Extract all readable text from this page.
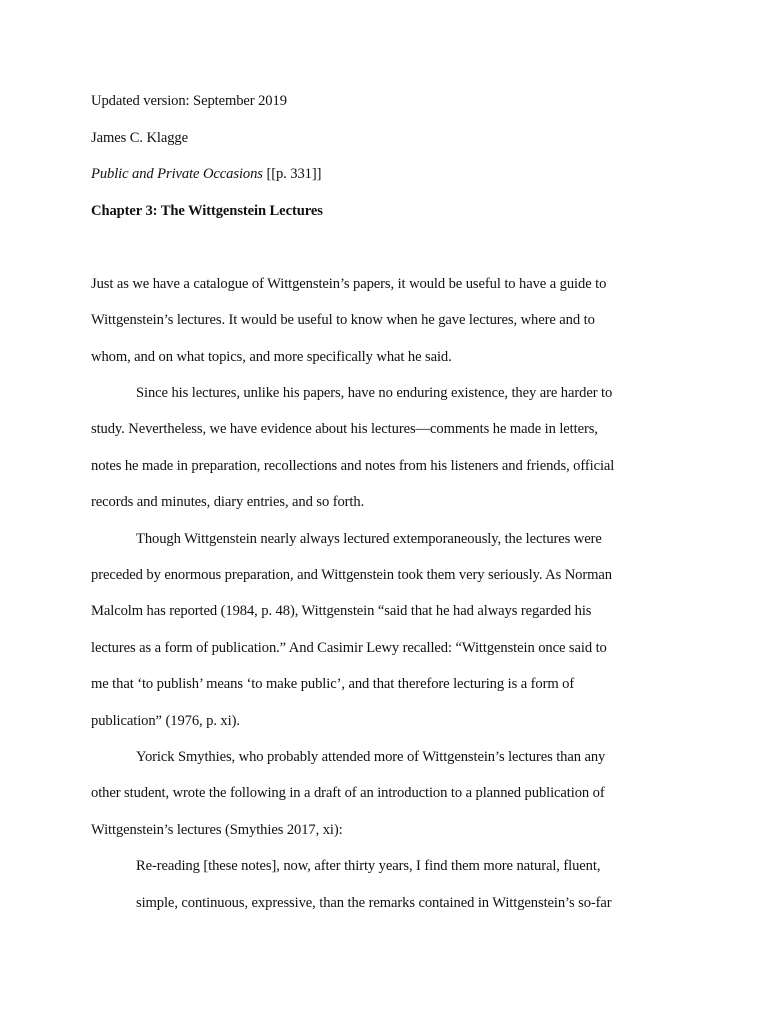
Updated version: September 2019
James C. Klagge
Public and Private Occasions [[p. 331]]
Chapter 3: The Wittgenstein Lectures
Just as we have a catalogue of Wittgenstein’s papers, it would be useful to have a guide to
Wittgenstein’s lectures. It would be useful to know when he gave lectures, where and to
whom, and on what topics, and more specifically what he said.
Since his lectures, unlike his papers, have no enduring existence, they are harder to
study. Nevertheless, we have evidence about his lectures—comments he made in letters,
notes he made in preparation, recollections and notes from his listeners and friends, official
records and minutes, diary entries, and so forth.
Though Wittgenstein nearly always lectured extemporaneously, the lectures were
preceded by enormous preparation, and Wittgenstein took them very seriously. As Norman
Malcolm has reported (1984, p. 48), Wittgenstein “said that he had always regarded his
lectures as a form of publication.” And Casimir Lewy recalled: “Wittgenstein once said to
me that ‘to publish’ means ‘to make public’, and that therefore lecturing is a form of
publication” (1976, p. xi).
Yorick Smythies, who probably attended more of Wittgenstein’s lectures than any
other student, wrote the following in a draft of an introduction to a planned publication of
Wittgenstein’s lectures (Smythies 2017, xi):
Re-reading [these notes], now, after thirty years, I find them more natural, fluent,
simple, continuous, expressive, than the remarks contained in Wittgenstein’s so-far
